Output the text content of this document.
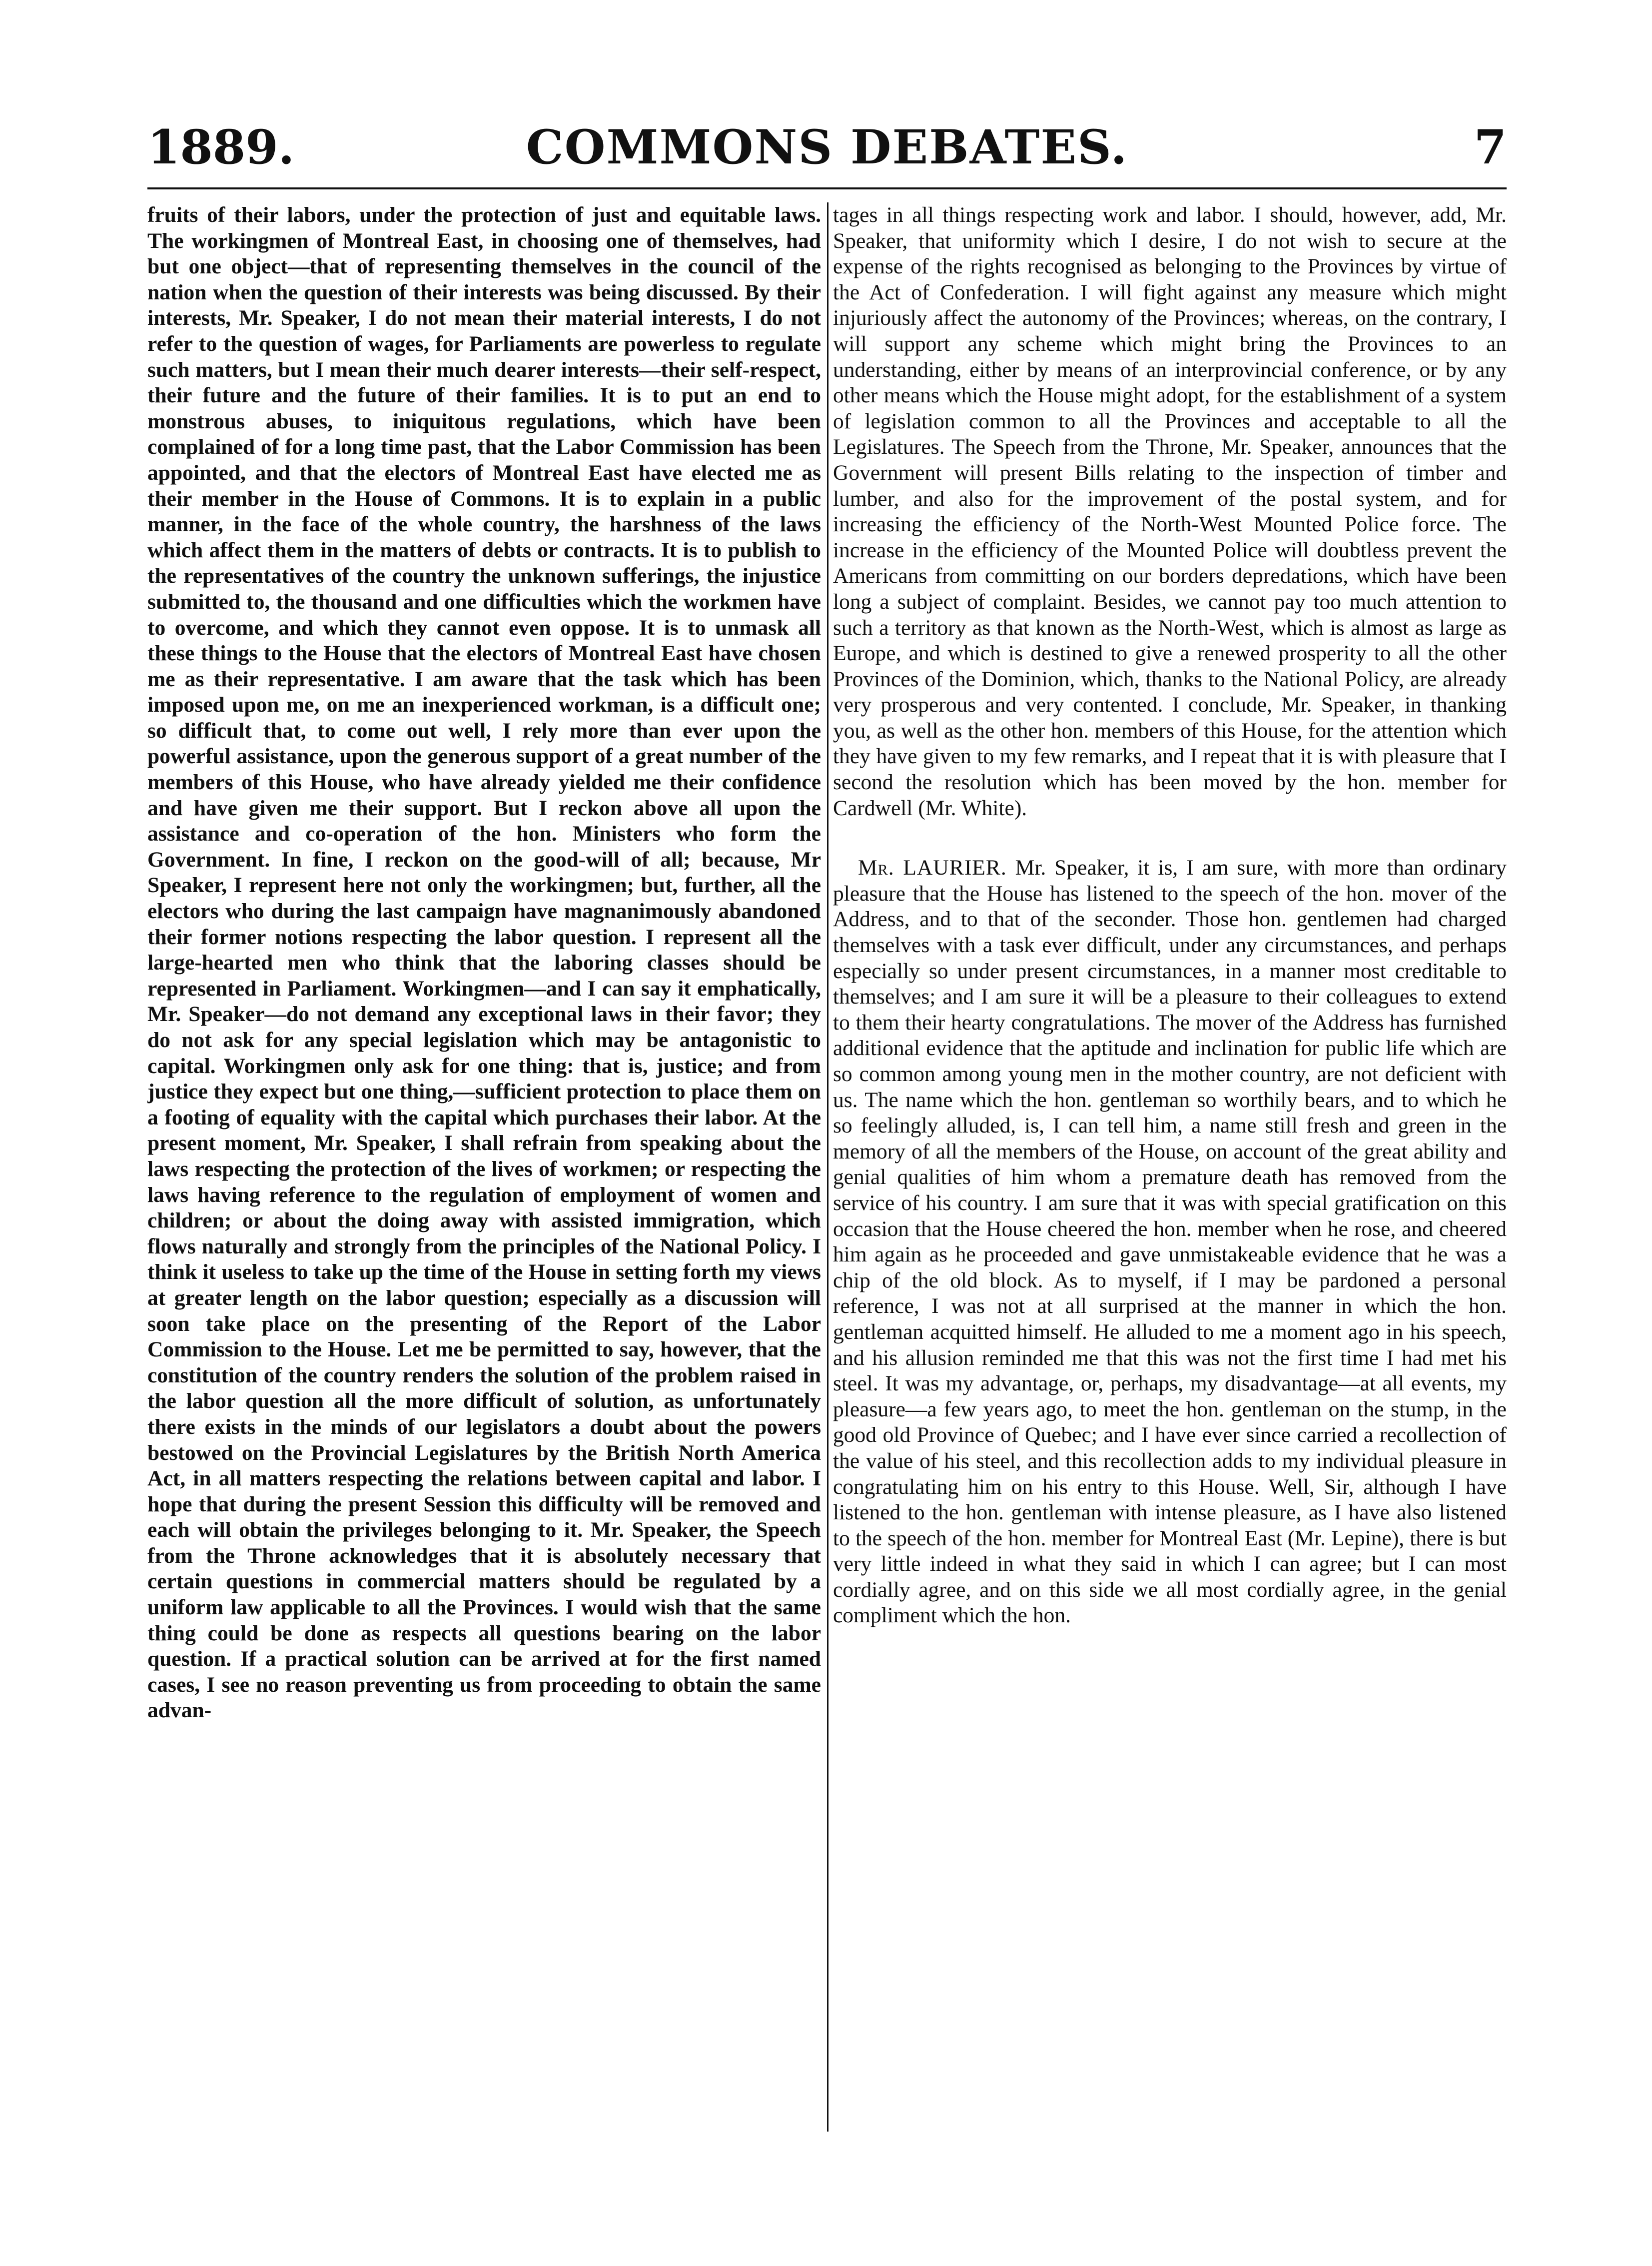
COMMONS DEBATES.
1889.	7

fruits of their labors, under the protection of just and equitable laws. The workingmen of Montreal East, in choosing one of themselves, had but one object—that of representing themselves in the council of the nation when the question of their interests was being discussed. By their interests, Mr. Speaker, I do not mean their material interests, I do not refer to the question of wages, for Parliaments are powerless to regulate such matters, but I mean their much dearer interests—their self-respect, their future and the future of their families. It is to put an end to monstrous abuses, to iniquitous regulations, which have been complained of for a long time past, that the Labor Commission has been appointed, and that the electors of Montreal East have elected me as their member in the House of Commons. It is to explain in a public manner, in the face of the whole country, the harshness of the laws which affect them in the matters of debts or contracts. It is to publish to the representatives of the country the unknown sufferings, the injustice submitted to, the thousand and one difficulties which the workmen have to overcome, and which they cannot even oppose. It is to unmask all these things to the House that the electors of Montreal East have chosen me as their representative. I am aware that the task which has been imposed upon me, on me an inexperienced workman, is a difficult one; so difficult that, to come out well, I rely more than ever upon the powerful assistance, upon the generous support of a great number of the members of this House, who have already yielded me their confidence and have given me their support. But I reckon above all upon the assistance and co-operation of the hon. Ministers who form the Government. In fine, I reckon on the good-will of all; because, Mr Speaker, I represent here not only the workingmen; but, further, all the electors who during the last campaign have magnanimously abandoned their former notions respecting the labor question. I represent all the large-hearted men who think that the laboring classes should be represented in Parliament. Workingmen—and I can say it emphatically, Mr. Speaker—do not demand any exceptional laws in their favor; they do not ask for any special legislation which may be antagonistic to capital. Workingmen only ask for one thing: that is, justice; and from justice they expect but one thing,—sufficient protection to place them on a footing of equality with the capital which purchases their labor. At the present moment, Mr. Speaker, I shall refrain from speaking about the laws respecting the protection of the lives of workmen; or respecting the laws having reference to the regulation of employment of women and children; or about the doing away with assisted immigration, which flows naturally and strongly from the principles of the National Policy. I think it useless to take up the time of the House in setting forth my views at greater length on the labor question; especially as a discussion will soon take place on the presenting of the Report of the Labor Commission to the House. Let me be permitted to say, however, that the constitution of the country renders the solution of the problem raised in the labor question all the more difficult of solution, as unfortunately there exists in the minds of our legislators a doubt about the powers bestowed on the Provincial Legislatures by the British North America Act, in all matters respecting the relations between capital and labor. I hope that during the present Session this difficulty will be removed and each will obtain the privileges belonging to it. Mr. Speaker, the Speech from the Throne acknowledges that it is absolutely necessary that certain questions in commercial matters should be regulated by a uniform law applicable to all the Provinces. I would wish that the same thing could be done as respects all questions bearing on the labor question. If a practical solution can be arrived at for the first named cases, I see no reason preventing us from proceeding to obtain the same advan-

tages in all things respecting work and labor. I should, however, add, Mr. Speaker, that uniformity which I desire, I do not wish to secure at the expense of the rights recognised as belonging to the Provinces by virtue of the Act of Confederation. I will fight against any measure which might injuriously affect the autonomy of the Provinces; whereas, on the contrary, I will support any scheme which might bring the Provinces to an understanding, either by means of an interprovincial conference, or by any other means which the House might adopt, for the establishment of a system of legislation common to all the Provinces and acceptable to all the Legislatures. The Speech from the Throne, Mr. Speaker, announces that the Government will present Bills relating to the inspection of timber and lumber, and also for the improvement of the postal system, and for increasing the efficiency of the North-West Mounted Police force. The increase in the efficiency of the Mounted Police will doubtless prevent the Americans from committing on our borders depredations, which have been long a subject of complaint. Besides, we cannot pay too much attention to such a territory as that known as the North-West, which is almost as large as Europe, and which is destined to give a renewed prosperity to all the other Provinces of the Dominion, which, thanks to the National Policy, are already very prosperous and very contented. I conclude, Mr. Speaker, in thanking you, as well as the other hon. members of this House, for the attention which they have given to my few remarks, and I repeat that it is with pleasure that I second the resolution which has been moved by the hon. member for Cardwell (Mr. White).

Mr. LAURIER. Mr. Speaker, it is, I am sure, with more than ordinary pleasure that the House has listened to the speech of the hon. mover of the Address, and to that of the seconder. Those hon. gentlemen had charged themselves with a task ever difficult, under any circumstances, and perhaps especially so under present circumstances, in a manner most creditable to themselves; and I am sure it will be a pleasure to their colleagues to extend to them their hearty congratulations. The mover of the Address has furnished additional evidence that the aptitude and inclination for public life which are so common among young men in the mother country, are not deficient with us. The name which the hon. gentleman so worthily bears, and to which he so feelingly alluded, is, I can tell him, a name still fresh and green in the memory of all the members of the House, on account of the great ability and genial qualities of him whom a premature death has removed from the service of his country. I am sure that it was with special gratification on this occasion that the House cheered the hon. member when he rose, and cheered him again as he proceeded and gave unmistakeable evidence that he was a chip of the old block. As to myself, if I may be pardoned a personal reference, I was not at all surprised at the manner in which the hon. gentleman acquitted himself. He alluded to me a moment ago in his speech, and his allusion reminded me that this was not the first time I had met his steel. It was my advantage, or, perhaps, my disadvantage—at all events, my pleasure—a few years ago, to meet the hon. gentleman on the stump, in the good old Province of Quebec; and I have ever since carried a recollection of the value of his steel, and this recollection adds to my individual pleasure in congratulating him on his entry to this House. Well, Sir, although I have listened to the hon. gentleman with intense pleasure, as I have also listened to the speech of the hon. member for Montreal East (Mr. Lepine), there is but very little indeed in what they said in which I can agree; but I can most cordially agree, and on this side we all most cordially agree, in the genial compliment which the hon.
